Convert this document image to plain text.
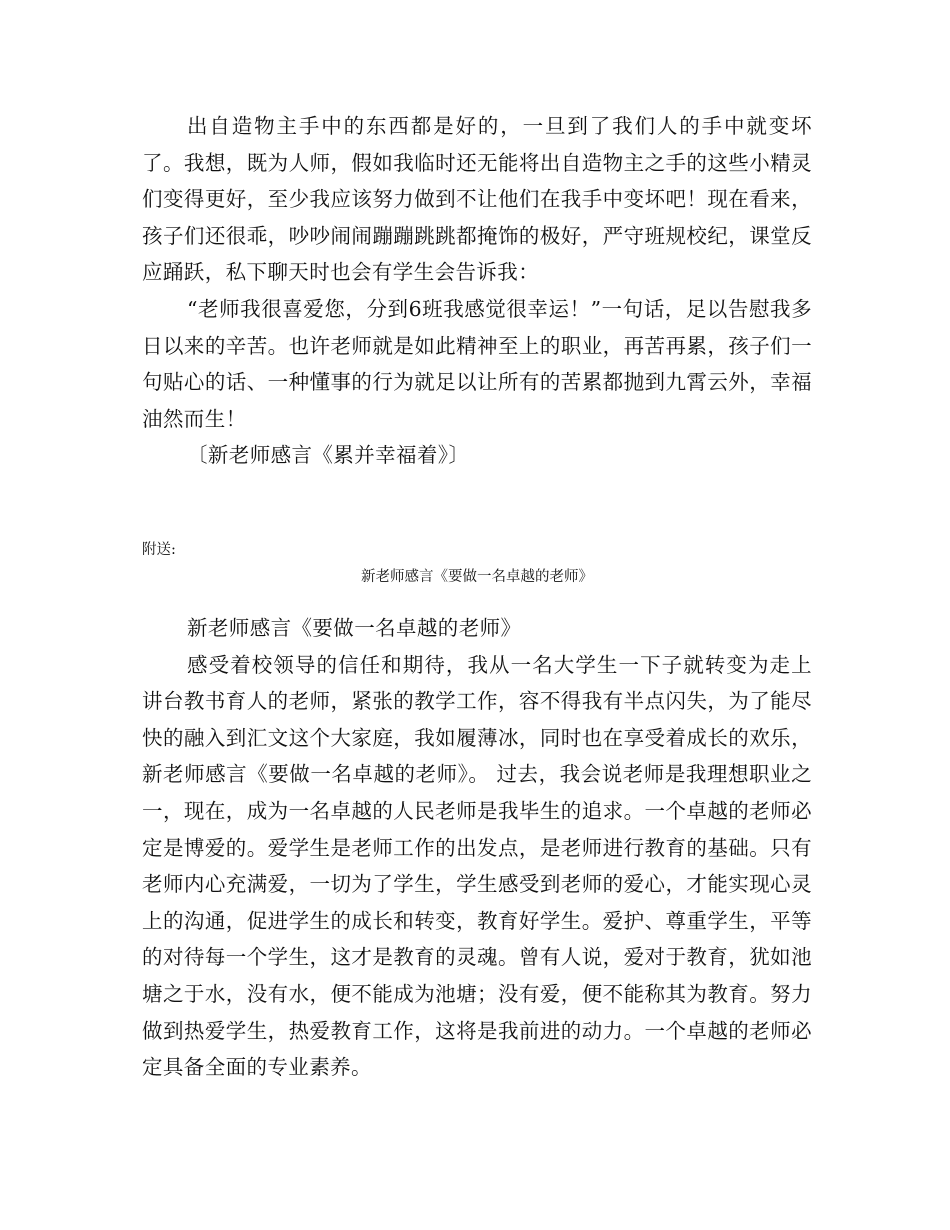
出自造物主手中的东西都是好的，一旦到了我们人的手中就变坏了。我想，既为人师，假如我临时还无能将出自造物主之手的这些小精灵们变得更好，至少我应该努力做到不让他们在我手中变坏吧！现在看来，孩子们还很乖，吵吵闹闹蹦蹦跳跳都掩饰的极好，严守班规校纪，课堂反应踊跃，私下聊天时也会有学生会告诉我：

“老师我很喜爱您，分到6班我感觉很幸运！”一句话，足以告慰我多日以来的辛苦。也许老师就是如此精神至上的职业，再苦再累，孩子们一句贴心的话、一种懂事的行为就足以让所有的苦累都抛到九霄云外，幸福油然而生！

〔新老师感言《累并幸福着》〕

附送:

新老师感言《要做一名卓越的老师》

新老师感言《要做一名卓越的老师》

感受着校领导的信任和期待，我从一名大学生一下子就转变为走上讲台教书育人的老师，紧张的教学工作，容不得我有半点闪失，为了能尽快的融入到汇文这个大家庭，我如履薄冰，同时也在享受着成长的欢乐，新老师感言《要做一名卓越的老师》。 过去，我会说老师是我理想职业之一，现在，成为一名卓越的人民老师是我毕生的追求。一个卓越的老师必定是博爱的。爱学生是老师工作的出发点，是老师进行教育的基础。只有老师内心充满爱，一切为了学生，学生感受到老师的爱心，才能实现心灵上的沟通，促进学生的成长和转变，教育好学生。爱护、尊重学生，平等的对待每一个学生，这才是教育的灵魂。曾有人说，爱对于教育，犹如池塘之于水，没有水，便不能成为池塘；没有爱，便不能称其为教育。努力做到热爱学生，热爱教育工作，这将是我前进的动力。一个卓越的老师必定具备全面的专业素养。
